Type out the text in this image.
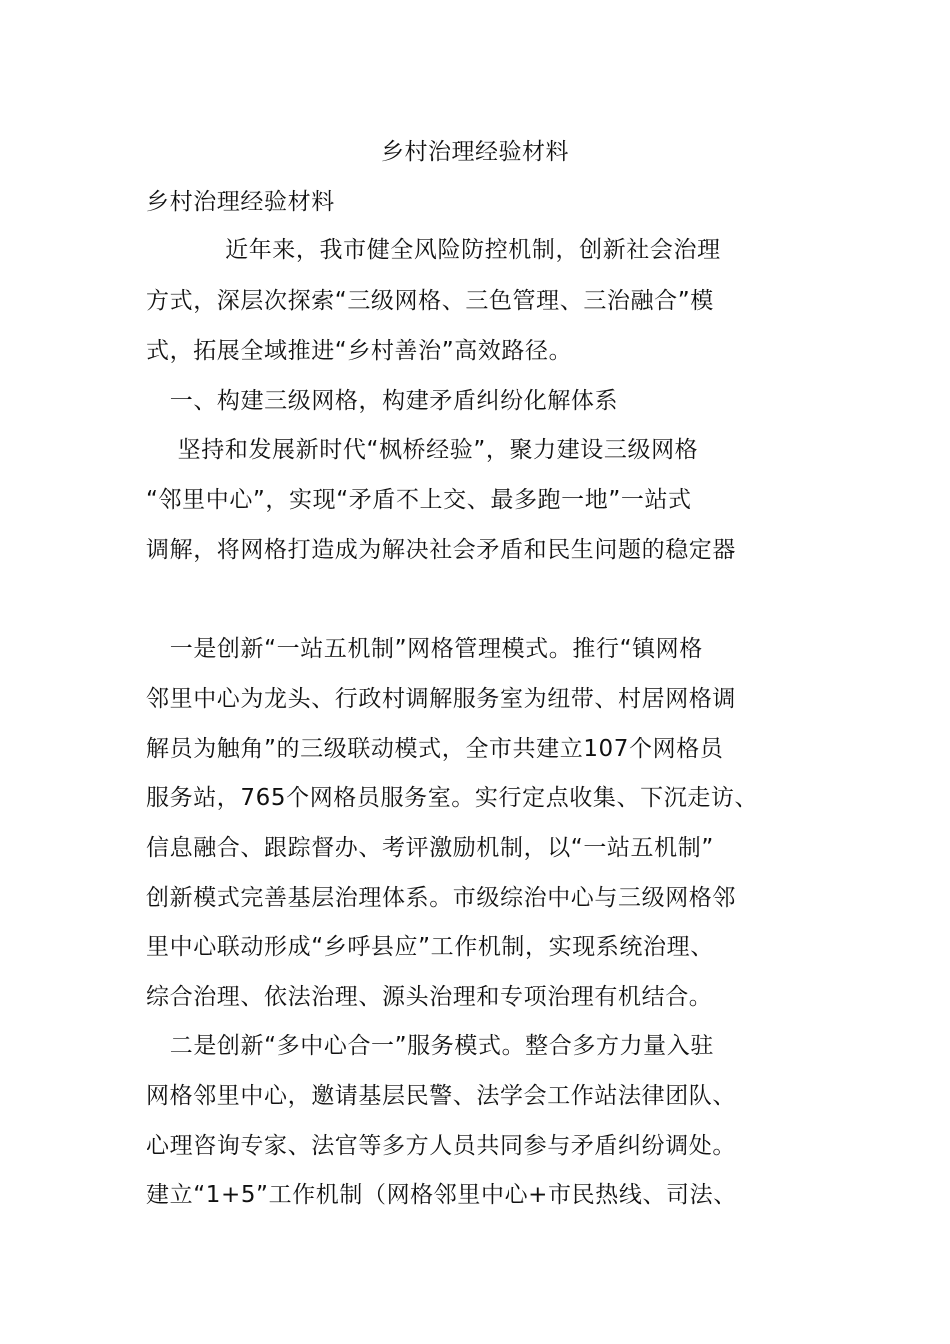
乡村治理经验材料
乡村治理经验材料
近年来，我市健全风险防控机制，创新社会治理
方式，深层次探索“三级网格、三色管理、三治融合”模
式，拓展全域推进“乡村善治”高效路径。
一、构建三级网格，构建矛盾纠纷化解体系
坚持和发展新时代“枫桥经验”，聚力建设三级网格
“邻里中心”，实现“矛盾不上交、最多跑一地”一站式
调解，将网格打造成为解决社会矛盾和民生问题的稳定器
一是创新“一站五机制”网格管理模式。推行“镇网格
邻里中心为龙头、行政村调解服务室为纽带、村居网格调
解员为触角”的三级联动模式，全市共建立107个网格员
服务站，765个网格员服务室。实行定点收集、下沉走访、
信息融合、跟踪督办、考评激励机制，以“一站五机制”
创新模式完善基层治理体系。市级综治中心与三级网格邻
里中心联动形成“乡呼县应”工作机制，实现系统治理、
综合治理、依法治理、源头治理和专项治理有机结合。
二是创新“多中心合一”服务模式。整合多方力量入驻
网格邻里中心，邀请基层民警、法学会工作站法律团队、
心理咨询专家、法官等多方人员共同参与矛盾纠纷调处。
建立“1+5”工作机制（网格邻里中心+市民热线、司法、
